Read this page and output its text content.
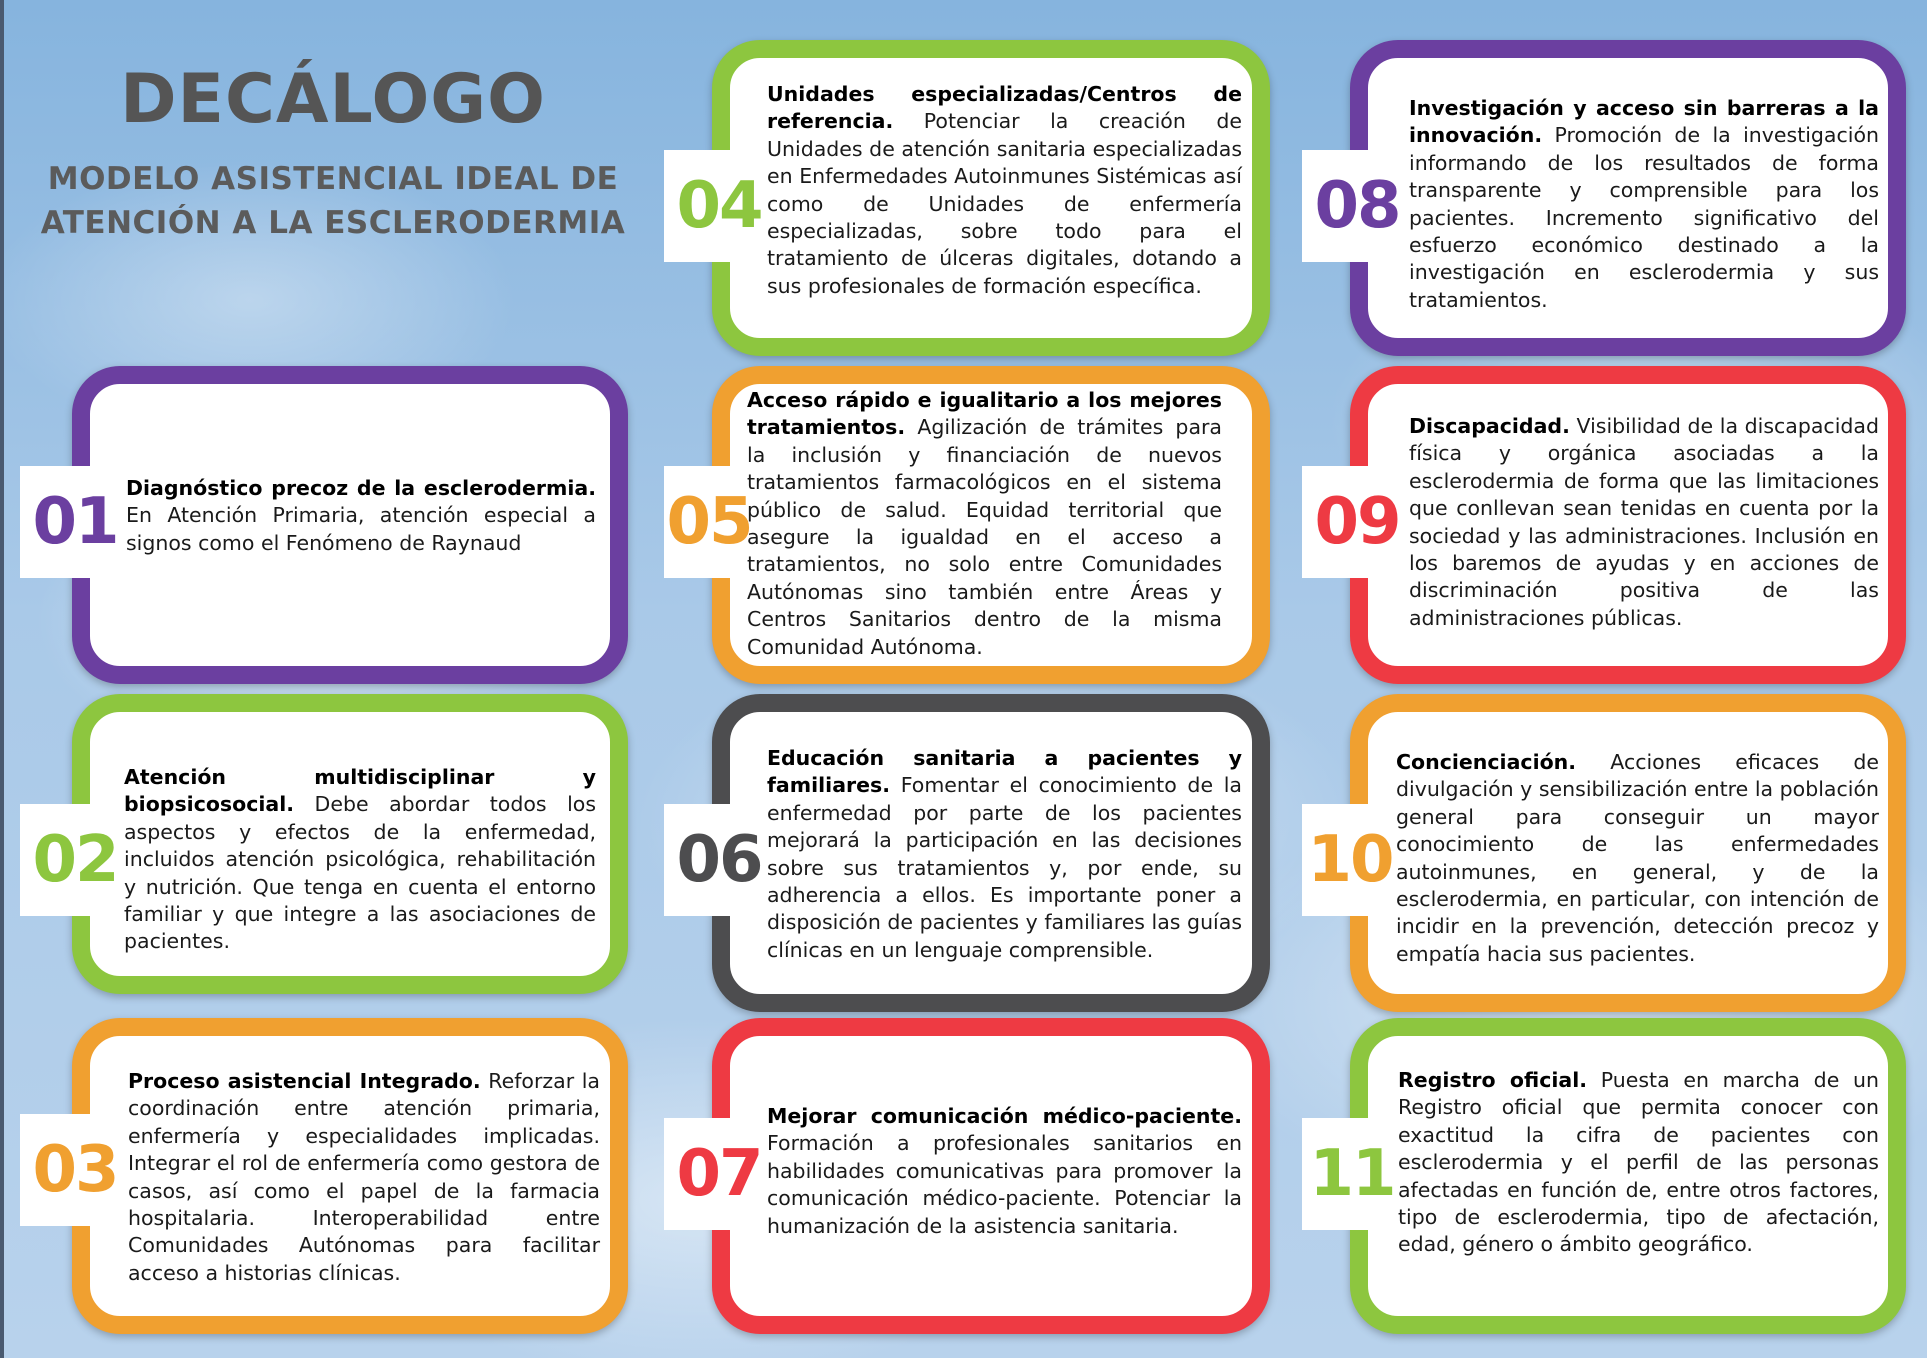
DECÁLOGO
MODELO ASISTENCIAL IDEAL DE
ATENCIÓN A LA ESCLERODERMIA
01 Diagnóstico precoz de la esclerodermia. En Atención Primaria, atención especial a signos como el Fenómeno de Raynaud
02
Atención multidisciplinar y biopsicosocial. Debe abordar todos los aspectos y efectos de la enfermedad, incluidos atención psicológica, rehabilitación y nutrición. Que tenga en cuenta el entorno familiar y que integre a las asociaciones de pacientes.
03
Proceso asistencial Integrado. Reforzar la coordinación entre atención primaria, enfermería y especialidades implicadas. Integrar el rol de enfermería como gestora de casos, así como el papel de la farmacia hospitalaria. Interoperabilidad entre Comunidades Autónomas para facilitar acceso a historias clínicas.
04
Unidades especializadas/Centros de referencia. Potenciar la creación de Unidades de atención sanitaria especializadas en Enfermedades Autoinmunes Sistémicas así como de Unidades de enfermería especializadas, sobre todo para el tratamiento de úlceras digitales, dotando a sus profesionales de formación específica.
05
Acceso rápido e igualitario a los mejores tratamientos. Agilización de trámites para la inclusión y financiación de nuevos tratamientos farmacológicos en el sistema público de salud. Equidad territorial que asegure la igualdad en el acceso a tratamientos, no solo entre Comunidades Autónomas sino también entre Áreas y Centros Sanitarios dentro de la misma Comunidad Autónoma.
06
Educación sanitaria a pacientes y familiares. Fomentar el conocimiento de la enfermedad por parte de los pacientes mejorará la participación en las decisiones sobre sus tratamientos y, por ende, su adherencia a ellos. Es importante poner a disposición de pacientes y familiares las guías clínicas en un lenguaje comprensible.
07
Mejorar comunicación médico-paciente. Formación a profesionales sanitarios en habilidades comunicativas para promover la comunicación médico-paciente. Potenciar la humanización de la asistencia sanitaria.
08
Investigación y acceso sin barreras a la innovación. Promoción de la investigación informando de los resultados de forma transparente y comprensible para los pacientes. Incremento significativo del esfuerzo económico destinado a la investigación en esclerodermia y sus tratamientos.
09
Discapacidad. Visibilidad de la discapacidad física y orgánica asociadas a la esclerodermia de forma que las limitaciones que conllevan sean tenidas en cuenta por la sociedad y las administraciones. Inclusión en los baremos de ayudas y en acciones de discriminación positiva de las administraciones públicas.
10
Concienciación. Acciones eficaces de divulgación y sensibilización entre la población general para conseguir un mayor conocimiento de las enfermedades autoinmunes, en general, y de la esclerodermia, en particular, con intención de incidir en la prevención, detección precoz y empatía hacia sus pacientes.
11
Registro oficial. Puesta en marcha de un Registro oficial que permita conocer con exactitud la cifra de pacientes con esclerodermia y el perfil de las personas afectadas en función de, entre otros factores, tipo de esclerodermia, tipo de afectación, edad, género o ámbito geográfico.
